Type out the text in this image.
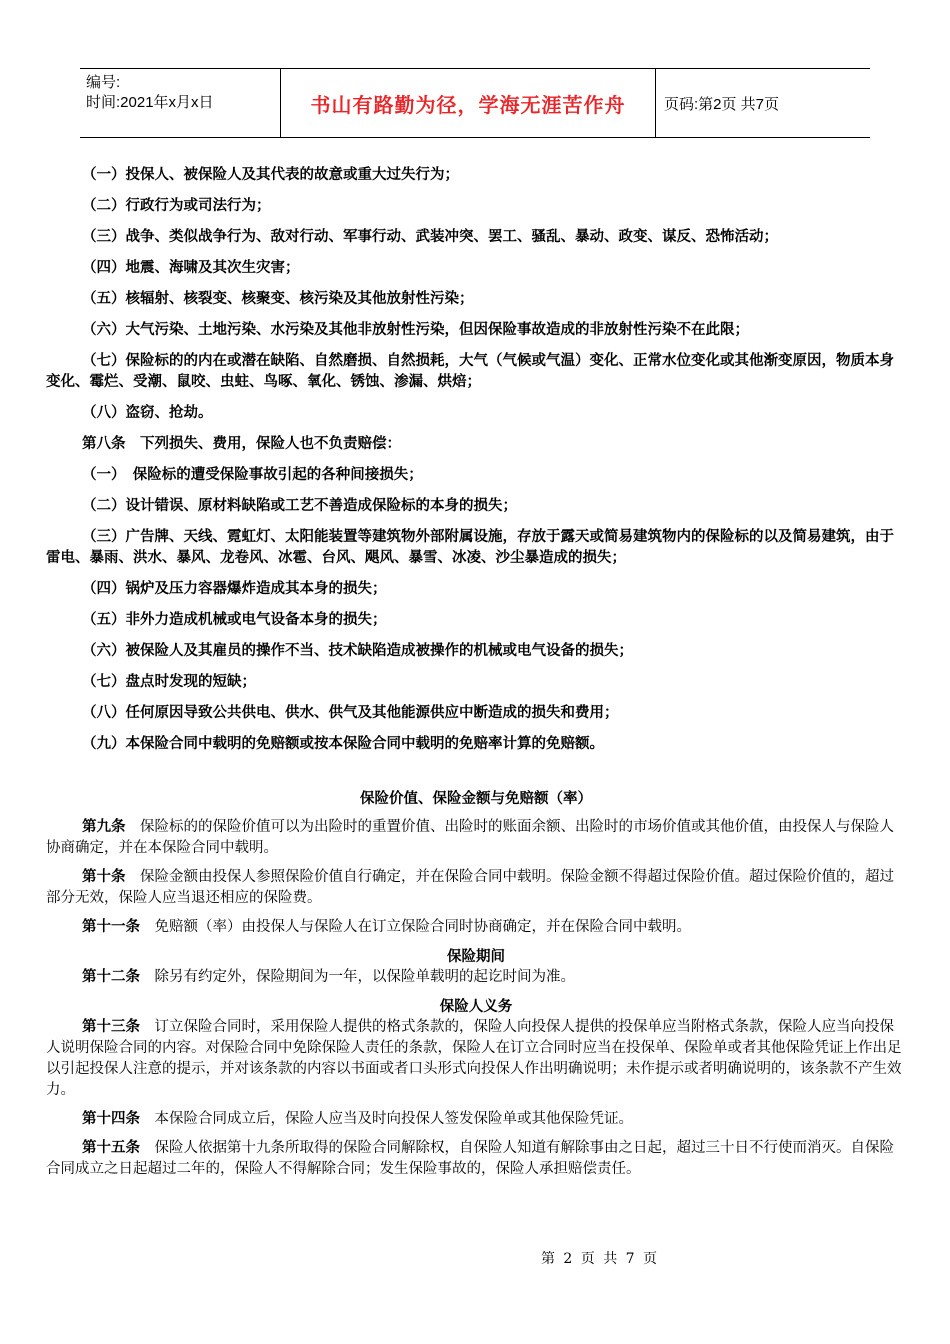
编号:
时间:2021年x月x日	书山有路勤为径，学海无涯苦作舟	页码:第2页 共7页

（一）投保人、被保险人及其代表的故意或重大过失行为；

（二）行政行为或司法行为；

（三）战争、类似战争行为、敌对行动、军事行动、武装冲突、罢工、骚乱、暴动、政变、谋反、恐怖活动；

（四）地震、海啸及其次生灾害；

（五）核辐射、核裂变、核聚变、核污染及其他放射性污染；

（六）大气污染、土地污染、水污染及其他非放射性污染，但因保险事故造成的非放射性污染不在此限；

（七）保险标的的内在或潜在缺陷、自然磨损、自然损耗，大气（气候或气温）变化、正常水位变化或其他渐变原因，物质本身变化、霉烂、受潮、鼠咬、虫蛀、鸟啄、氧化、锈蚀、渗漏、烘焙；

（八）盗窃、抢劫。

第八条　下列损失、费用，保险人也不负责赔偿：

（一）　保险标的遭受保险事故引起的各种间接损失；

（二）设计错误、原材料缺陷或工艺不善造成保险标的本身的损失；

（三）广告牌、天线、霓虹灯、太阳能装置等建筑物外部附属设施，存放于露天或简易建筑物内的保险标的以及简易建筑，由于雷电、暴雨、洪水、暴风、龙卷风、冰雹、台风、飓风、暴雪、冰凌、沙尘暴造成的损失；

（四）锅炉及压力容器爆炸造成其本身的损失；

（五）非外力造成机械或电气设备本身的损失；

（六）被保险人及其雇员的操作不当、技术缺陷造成被操作的机械或电气设备的损失；

（七）盘点时发现的短缺；

（八）任何原因导致公共供电、供水、供气及其他能源供应中断造成的损失和费用；

（九）本保险合同中载明的免赔额或按本保险合同中载明的免赔率计算的免赔额。

保险价值、保险金额与免赔额（率）

第九条　保险标的的保险价值可以为出险时的重置价值、出险时的账面余额、出险时的市场价值或其他价值，由投保人与保险人协商确定，并在本保险合同中载明。

第十条　保险金额由投保人参照保险价值自行确定，并在保险合同中载明。保险金额不得超过保险价值。超过保险价值的，超过部分无效，保险人应当退还相应的保险费。

第十一条　免赔额（率）由投保人与保险人在订立保险合同时协商确定，并在保险合同中载明。

保险期间

第十二条　除另有约定外，保险期间为一年，以保险单载明的起讫时间为准。

保险人义务

第十三条　订立保险合同时，采用保险人提供的格式条款的，保险人向投保人提供的投保单应当附格式条款，保险人应当向投保人说明保险合同的内容。对保险合同中免除保险人责任的条款，保险人在订立合同时应当在投保单、保险单或者其他保险凭证上作出足以引起投保人注意的提示，并对该条款的内容以书面或者口头形式向投保人作出明确说明；未作提示或者明确说明的，该条款不产生效力。

第十四条　本保险合同成立后，保险人应当及时向投保人签发保险单或其他保险凭证。

第十五条　保险人依据第十九条所取得的保险合同解除权，自保险人知道有解除事由之日起，超过三十日不行使而消灭。自保险合同成立之日起超过二年的，保险人不得解除合同；发生保险事故的，保险人承担赔偿责任。

第 2 页 共 7 页
